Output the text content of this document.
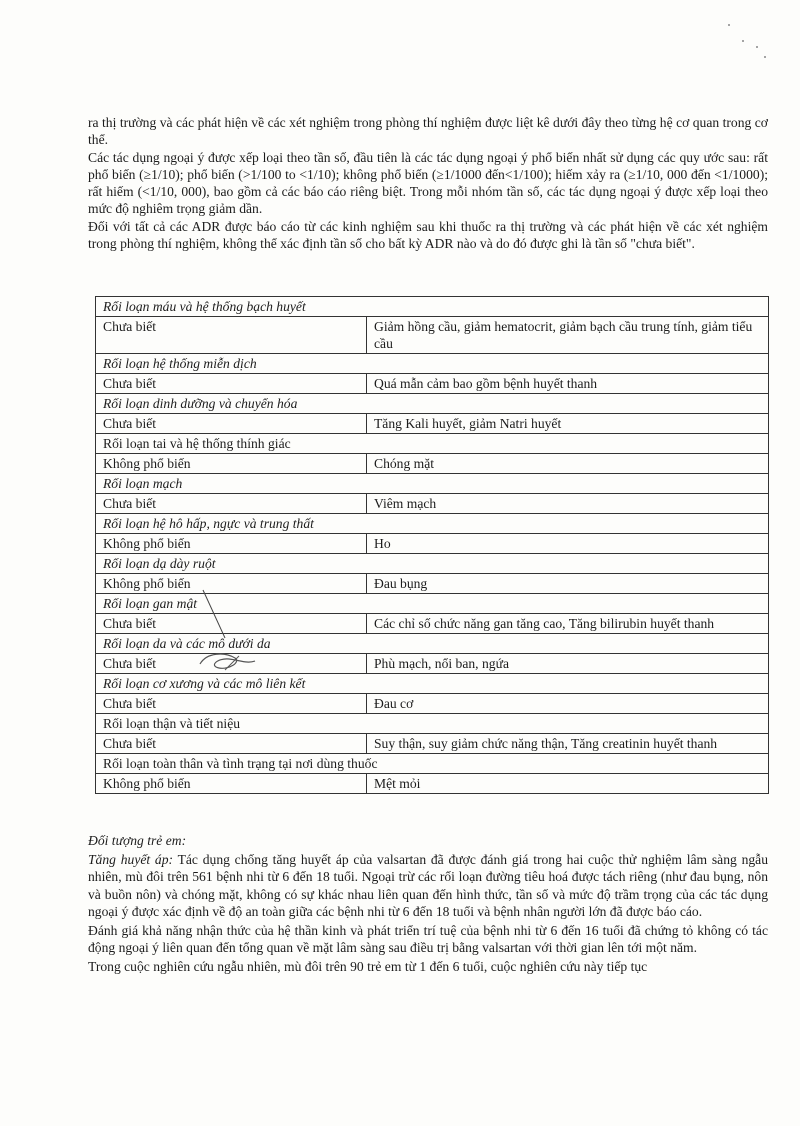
ra thị trường và các phát hiện về các xét nghiệm trong phòng thí nghiệm được liệt kê dưới đây theo từng hệ cơ quan trong cơ thể.

Các tác dụng ngoại ý được xếp loại theo tần số, đầu tiên là các tác dụng ngoại ý phổ biến nhất sử dụng các quy ước sau: rất phổ biến (≥1/10); phổ biến (>1/100 to <1/10); không phổ biến (≥1/1000 đến<1/100); hiếm xảy ra (≥1/10, 000 đến <1/1000); rất hiếm (<1/10, 000), bao gồm cả các báo cáo riêng biệt. Trong mỗi nhóm tần số, các tác dụng ngoại ý được xếp loại theo mức độ nghiêm trọng giảm dần.

Đối với tất cả các ADR được báo cáo từ các kinh nghiệm sau khi thuốc ra thị trường và các phát hiện về các xét nghiệm trong phòng thí nghiệm, không thể xác định tần số cho bất kỳ ADR nào và do đó được ghi là tần số "chưa biết".

Rối loạn máu và hệ thống bạch huyết	
Chưa biết	Giảm hồng cầu, giảm hematocrit, giảm bạch cầu trung tính, giảm tiểu cầu
Rối loạn hệ thống miễn dịch	
Chưa biết	Quá mẫn cảm bao gồm bệnh huyết thanh
Rối loạn dinh dưỡng và chuyển hóa	
Chưa biết	Tăng Kali huyết, giảm Natri huyết
Rối loạn tai và hệ thống thính giác	
Không phổ biến	Chóng mặt
Rối loạn mạch	
Chưa biết	Viêm mạch
Rối loạn hệ hô hấp, ngực và trung thất	
Không phổ biến	Ho
Rối loạn dạ dày ruột	
Không phổ biến	Đau bụng
Rối loạn gan mật	
Chưa biết	Các chỉ số chức năng gan tăng cao, Tăng bilirubin huyết thanh
Rối loạn da và các mô dưới da	
Chưa biết	Phù mạch, nổi ban, ngứa
Rối loạn cơ xương và các mô liên kết	
Chưa biết	Đau cơ
Rối loạn thận và tiết niệu	
Chưa biết	Suy thận, suy giảm chức năng thận, Tăng creatinin huyết thanh
Rối loạn toàn thân và tình trạng tại nơi dùng thuốc	
Không phổ biến	Mệt mỏi

Đối tượng trẻ em:

Tăng huyết áp: Tác dụng chống tăng huyết áp của valsartan đã được đánh giá trong hai cuộc thử nghiệm lâm sàng ngẫu nhiên, mù đôi trên 561 bệnh nhi từ 6 đến 18 tuổi. Ngoại trừ các rối loạn đường tiêu hoá được tách riêng (như đau bụng, nôn và buồn nôn) và chóng mặt, không có sự khác nhau liên quan đến hình thức, tần số và mức độ trầm trọng của các tác dụng ngoại ý được xác định về độ an toàn giữa các bệnh nhi từ 6 đến 18 tuổi và bệnh nhân người lớn đã được báo cáo.

Đánh giá khả năng nhận thức của hệ thần kinh và phát triển trí tuệ của bệnh nhi từ 6 đến 16 tuổi đã chứng tỏ không có tác động ngoại ý liên quan đến tổng quan về mặt lâm sàng sau điều trị bằng valsartan với thời gian lên tới một năm.

Trong cuộc nghiên cứu ngẫu nhiên, mù đôi trên 90 trẻ em từ 1 đến 6 tuổi, cuộc nghiên cứu này tiếp tục
